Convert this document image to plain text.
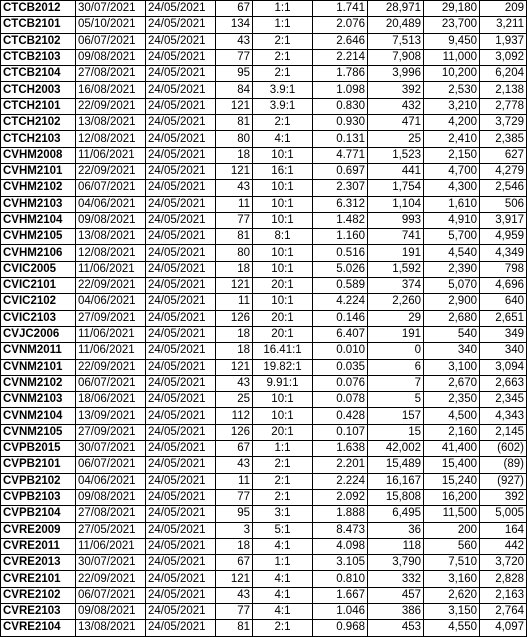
CTCB2012	30/07/2021	24/05/2021	67	1:1	1.741	28,971	29,180	209
CTCB2101	05/10/2021	24/05/2021	134	1:1	2.076	20,489	23,700	3,211
CTCB2102	06/07/2021	24/05/2021	43	2:1	2.646	7,513	9,450	1,937
CTCB2103	09/08/2021	24/05/2021	77	2:1	2.214	7,908	11,000	3,092
CTCB2104	27/08/2021	24/05/2021	95	2:1	1.786	3,996	10,200	6,204
CTCH2003	16/08/2021	24/05/2021	84	3.9:1	1.098	392	2,530	2,138
CTCH2101	22/09/2021	24/05/2021	121	3.9:1	0.830	432	3,210	2,778
CTCH2102	13/08/2021	24/05/2021	81	2:1	0.930	471	4,200	3,729
CTCH2103	12/08/2021	24/05/2021	80	4:1	0.131	25	2,410	2,385
CVHM2008	11/06/2021	24/05/2021	18	10:1	4.771	1,523	2,150	627
CVHM2101	22/09/2021	24/05/2021	121	16:1	0.697	441	4,700	4,279
CVHM2102	06/07/2021	24/05/2021	43	10:1	2.307	1,754	4,300	2,546
CVHM2103	04/06/2021	24/05/2021	11	10:1	6.312	1,104	1,610	506
CVHM2104	09/08/2021	24/05/2021	77	10:1	1.482	993	4,910	3,917
CVHM2105	13/08/2021	24/05/2021	81	8:1	1.160	741	5,700	4,959
CVHM2106	12/08/2021	24/05/2021	80	10:1	0.516	191	4,540	4,349
CVIC2005	11/06/2021	24/05/2021	18	10:1	5.026	1,592	2,390	798
CVIC2101	22/09/2021	24/05/2021	121	20:1	0.589	374	5,070	4,696
CVIC2102	04/06/2021	24/05/2021	11	10:1	4.224	2,260	2,900	640
CVIC2103	27/09/2021	24/05/2021	126	20:1	0.146	29	2,680	2,651
CVJC2006	11/06/2021	24/05/2021	18	20:1	6.407	191	540	349
CVNM2011	11/06/2021	24/05/2021	18	16.41:1	0.010	0	340	340
CVNM2101	22/09/2021	24/05/2021	121	19.82:1	0.035	6	3,100	3,094
CVNM2102	06/07/2021	24/05/2021	43	9.91:1	0.076	7	2,670	2,663
CVNM2103	18/06/2021	24/05/2021	25	10:1	0.078	5	2,350	2,345
CVNM2104	13/09/2021	24/05/2021	112	10:1	0.428	157	4,500	4,343
CVNM2105	27/09/2021	24/05/2021	126	20:1	0.107	15	2,160	2,145
CVPB2015	30/07/2021	24/05/2021	67	1:1	1.638	42,002	41,400	(602)
CVPB2101	06/07/2021	24/05/2021	43	2:1	2.201	15,489	15,400	(89)
CVPB2102	04/06/2021	24/05/2021	11	2:1	2.224	16,167	15,240	(927)
CVPB2103	09/08/2021	24/05/2021	77	2:1	2.092	15,808	16,200	392
CVPB2104	27/08/2021	24/05/2021	95	3:1	1.888	6,495	11,500	5,005
CVRE2009	27/05/2021	24/05/2021	3	5:1	8.473	36	200	164
CVRE2011	11/06/2021	24/05/2021	18	4:1	4.098	118	560	442
CVRE2013	30/07/2021	24/05/2021	67	1:1	3.105	3,790	7,510	3,720
CVRE2101	22/09/2021	24/05/2021	121	4:1	0.810	332	3,160	2,828
CVRE2102	06/07/2021	24/05/2021	43	4:1	1.667	457	2,620	2,163
CVRE2103	09/08/2021	24/05/2021	77	4:1	1.046	386	3,150	2,764
CVRE2104	13/08/2021	24/05/2021	81	2:1	0.968	453	4,550	4,097
